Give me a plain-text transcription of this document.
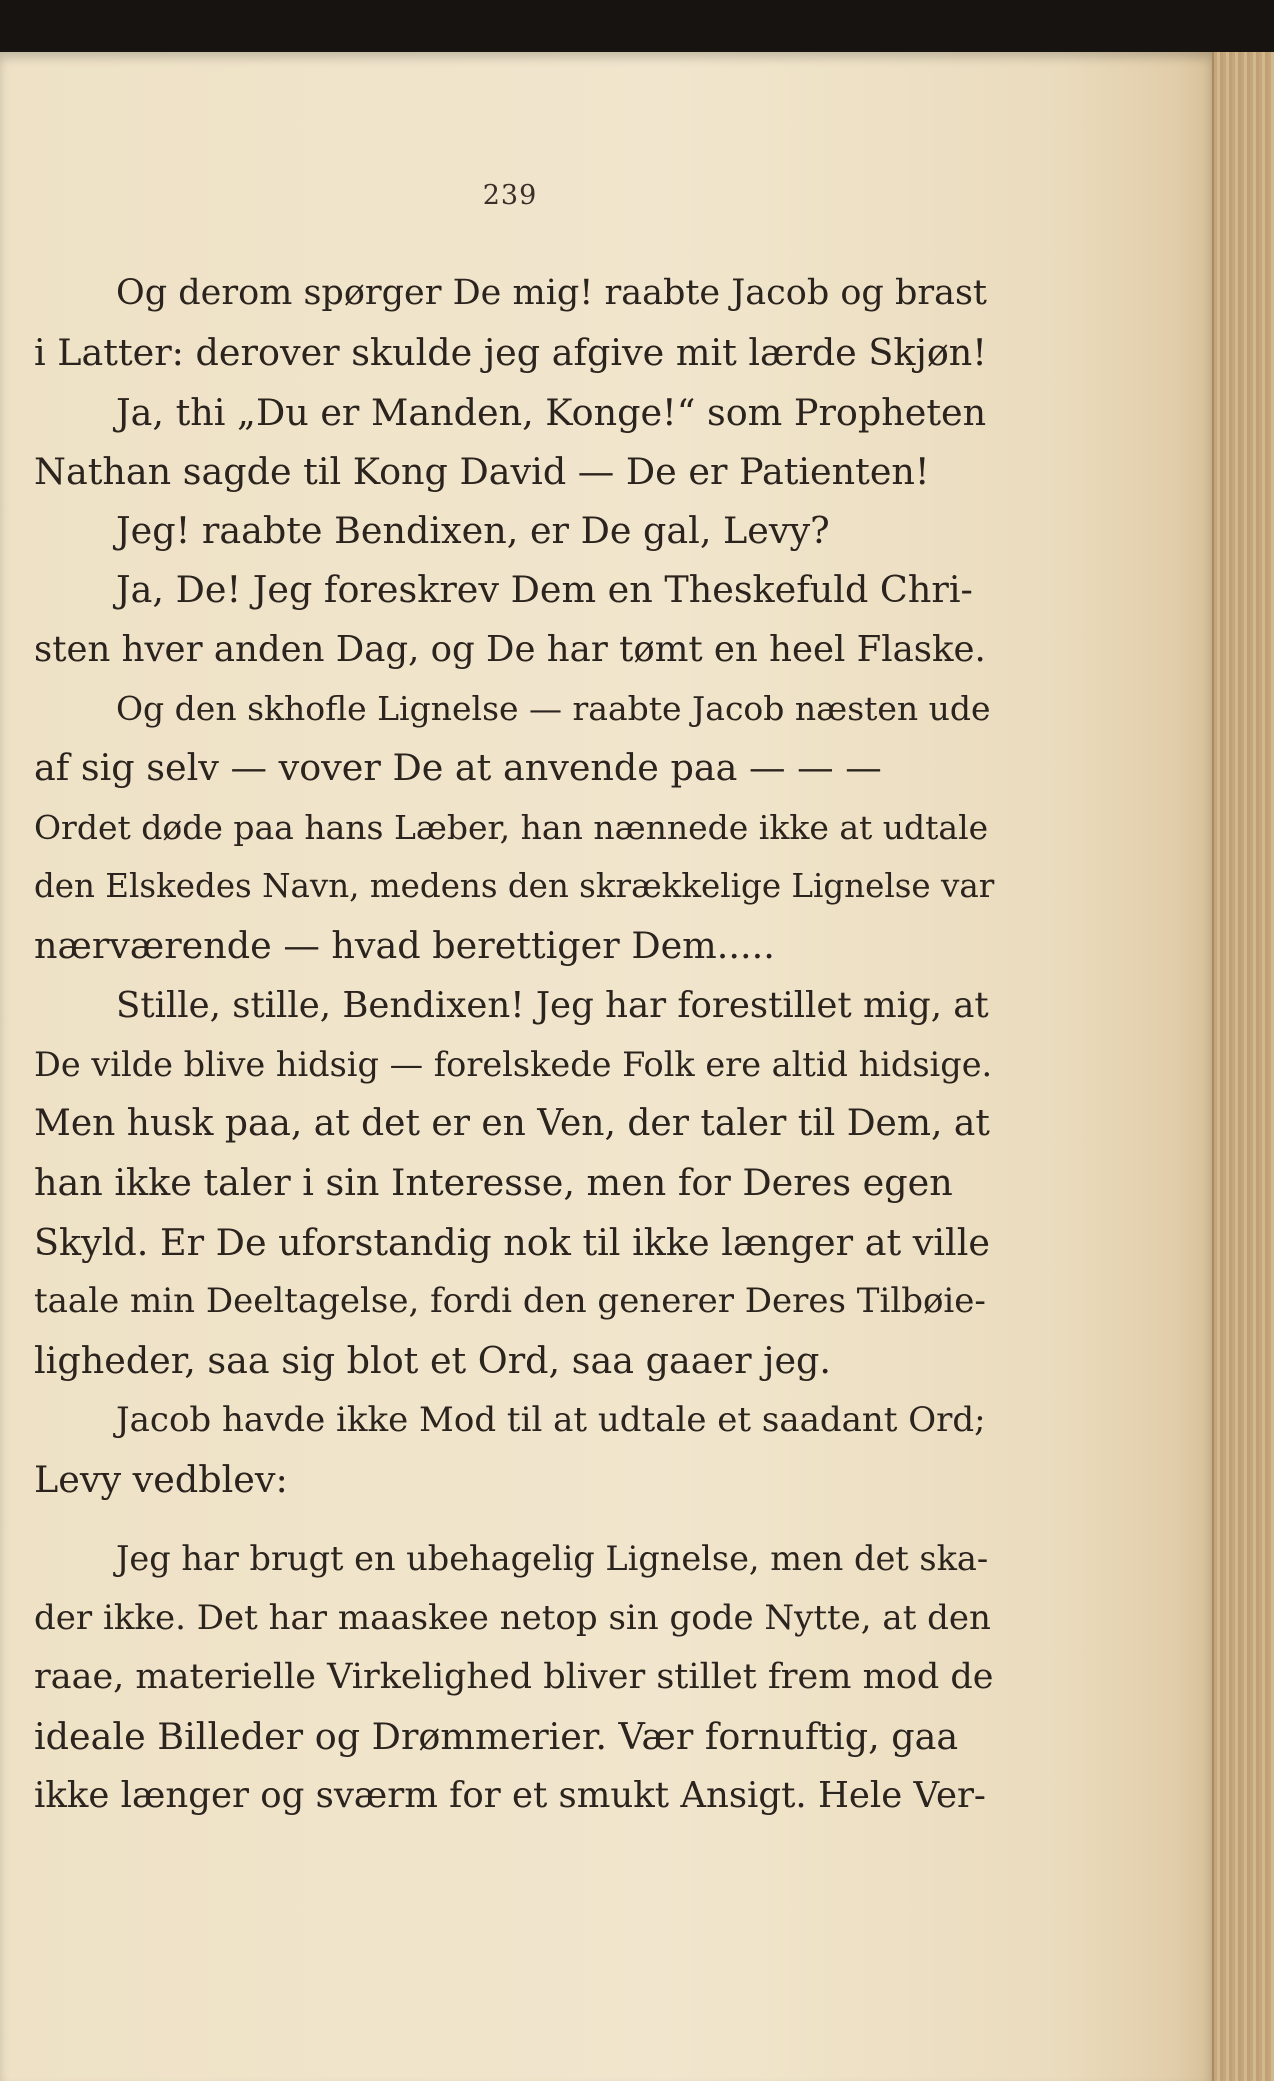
239
Og derom spørger De mig! raabte Jacob og brast
i Latter: derover skulde jeg afgive mit lærde Skjøn!
Ja, thi „Du er Manden, Konge!“ som Propheten
Nathan sagde til Kong David — De er Patienten!
Jeg! raabte Bendixen, er De gal, Levy?
Ja, De! Jeg foreskrev Dem en Theskefuld Chri-
sten hver anden Dag, og De har tømt en heel Flaske.
Og den skhofle Lignelse — raabte Jacob næsten ude
af sig selv — vover De at anvende paa — — —
Ordet døde paa hans Læber, han nænnede ikke at udtale
den Elskedes Navn, medens den skrækkelige Lignelse var
nærværende — hvad berettiger Dem.....
Stille, stille, Bendixen! Jeg har forestillet mig, at
De vilde blive hidsig — forelskede Folk ere altid hidsige.
Men husk paa, at det er en Ven, der taler til Dem, at
han ikke taler i sin Interesse, men for Deres egen
Skyld. Er De uforstandig nok til ikke længer at ville
taale min Deeltagelse, fordi den generer Deres Tilbøie-
ligheder, saa sig blot et Ord, saa gaaer jeg.
Jacob havde ikke Mod til at udtale et saadant Ord;
Levy vedblev:
Jeg har brugt en ubehagelig Lignelse, men det ska-
der ikke. Det har maaskee netop sin gode Nytte, at den
raae, materielle Virkelighed bliver stillet frem mod de
ideale Billeder og Drømmerier. Vær fornuftig, gaa
ikke længer og sværm for et smukt Ansigt. Hele Ver-
